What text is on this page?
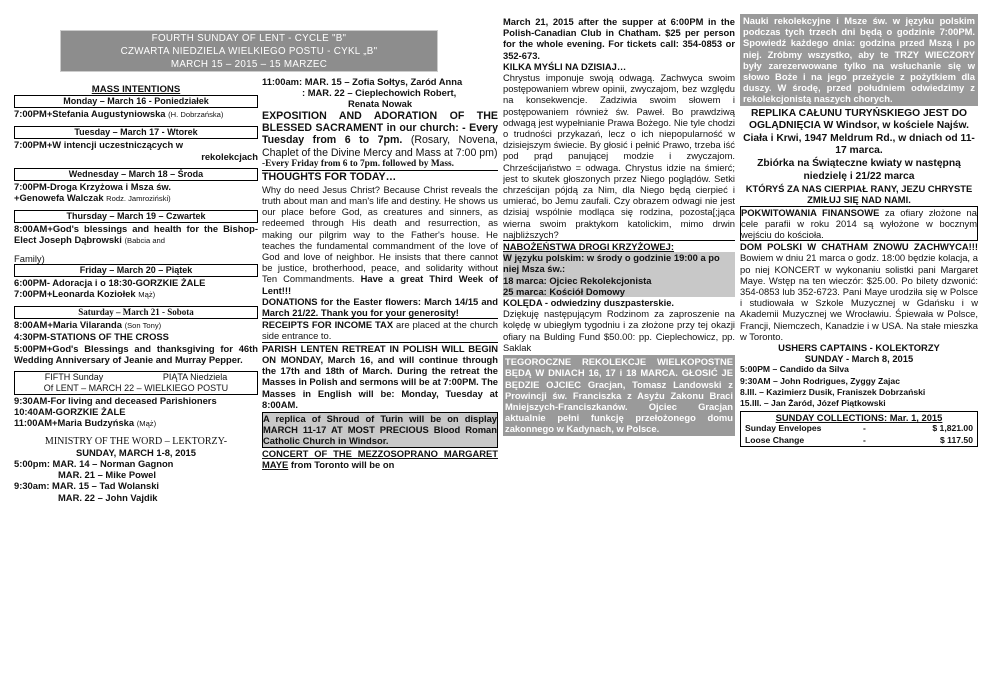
FOURTH SUNDAY OF LENT - CYCLE "B"
CZWARTA NIEDZIELA WIELKIEGO POSTU - CYKL „B"
MARCH 15 – 2015 – 15 MARZEC
MASS INTENTIONS
Monday – March 16 - Poniedziałek
7:00PM+Stefania Augustyniowska (H. Dobrzańska)
Tuesday – March 17 - Wtorek
7:00PM+W intencji uczestniczących w
rekolekcjach
Wednesday – March 18 – Środa
7:00PM-Droga Krzyżowa i Msza św.
+Genowefa Walczak Rodz. Jamroziński)
Thursday – March 19 – Czwartek
8:00AM+God's blessings and health for the Bishop-Elect Joseph Dąbrowski (Babcia and
Family)
Friday – March 20 – Piątek
6:00PM- Adoracja i o 18:30-GORZKIE ŻALE
7:00PM+Leonarda Koziołek Mąż)
Saturday – March 21 - Sobota
8:00AM+Maria Vilaranda (Son Tony)
4:30PM-STATIONS OF THE CROSS
5:00PM+God's Blessings and thanksgiving for 46th Wedding Anniversary of Jeanie and Murray Pepper.
FIFTH Sunday	PIĄTA Niedziela
Of LENT – MARCH 22 – WIELKIEGO POSTU
9:30AM-For living and deceased Parishioners
10:40AM-GORZKIE ŻALE
11:00AM+Maria Budzyńska (Mąż)
MINISTRY OF THE WORD – LEKTORZY-
SUNDAY, MARCH 1-8, 2015
5:00pm: MAR. 14 – Norman Gagnon
MAR. 21 – Mike Powel
9:30am: MAR. 15 – Tad Wolanski
MAR. 22 – John Vajdik
11:00am: MAR. 15 – Zofia Sołtys, Zaród Anna
: MAR. 22 – Cieplechowich Robert,
Renata Nowak
EXPOSITION AND ADORATION OF THE BLESSED SACRAMENT in our church: - Every Tuesday from 6 to 7pm. (Rosary, Novena, Chaplet of the Divine Mercy and Mass at 7:00 pm)
-Every Friday from 6 to 7pm. followed by Mass.
THOUGHTS FOR TODAY…
Why do need Jesus Christ? Because Christ reveals the truth about man and man's life and destiny. He shows us our place before God, as creatures and sinners, as redeemed through His death and resurrection, as making our pilgrim way to the Father's house. He teaches the fundamental commandment of the love of God and love of neighbor. He insists that there cannot be justice, brotherhood, peace, and solidarity without Ten Commandments. Have a great Third Week of Lent!!!
DONATIONS for the Easter flowers: March 14/15 and March 21/22. Thank you for your generosity!
RECEIPTS FOR INCOME TAX are placed at the church side entrance to.
PARISH LENTEN RETREAT IN POLISH WILL BEGIN ON MONDAY, March 16, and will continue through the 17th and 18th of March. During the retreat the Masses in Polish and sermons will be at 7:00PM. The Masses in English will be: Monday, Tuesday at 8:00AM.
A replica of Shroud of Turin will be on display MARCH 11-17 AT MOST PRECIOUS Blood Roman Catholic Church in Windsor.
CONCERT OF THE MEZZOSOPRANO MARGARET MAYE from Toronto will be on
March 21, 2015 after the supper at 6:00PM in the Polish-Canadian Club in Chatham. $25 per person for the whole evening. For tickets call: 354-0853 or 352-673.
KILKA MYŚLI NA DZISIAJ…
Chrystus imponuje swoją odwagą. Zachwyca swoim postępowaniem wbrew opinii, zwyczajom, bez względu na konsekwencje. Zadziwia swoim słowem i postępowaniem również św. Paweł. Bo prawdziwą odwagą jest wypełnianie Prawa Bożego. Nie tyle chodzi o trudności przykazań, lecz o ich niepopularność w dzisiejszym świecie. By głosić i pełnić Prawo, trzeba iść pod prąd panującej modzie i zwyczajom. Chrześcijaństwo = odwaga. Chrystus idzie na śmierć; jest to skutek głoszonych przez Niego poglądów. Setki chrześcijan pójdą za Nim, dla Niego będą cierpieć i umierać, bo Jemu zaufali. Czy obrazem odwagi nie jest dzisiaj wspólnie modląca się rodzina, pozosta[;jąca wierna swoim praktykom katolickim, mimo drwin najbliższych?
NABOŻEŃSTWA DROGI KRZYŻOWEJ:
W języku polskim: w środy o godzinie 19:00 a po niej Msza św.:
18 marca: Ojciec Rekolekcjonista
25 marca: Kościół Domowy
KOLĘDA - odwiedziny duszpasterskie.
Dziękuję następującym Rodzinom za zaproszenie na kolędę w ubiegłym tygodniu i za złożone przy tej okazji ofiary na Bulding Fund $50.00: pp. Cieplechowicz, pp. Saklak
TEGOROCZNE REKOLEKCJE WIELKOPOSTNE BĘDĄ W DNIACH 16, 17 i 18 MARCA. GŁOSIĆ JE BĘDZIE OJCIEC Gracjan, Tomasz Landowski z Prowincji św. Franciszka z Asyżu Zakonu Braci Mniejszych-Franciszkanów. Ojciec Gracjan aktualnie pełni funkcję przełożonego domu zakonnego w Kadynach, w Polsce.
Nauki rekolekcyjne i Msze św. w języku polskim podczas tych trzech dni będą o godzinie 7:00PM. Spowiedź każdego dnia: godzina przed Mszą i po niej. Zróbmy wszystko, aby te TRZY WIECZORY były zarezerwowane tylko na wsłuchanie się w słowo Boże i na jego przeżycie z pożytkiem dla duszy. W środę, przed południem odwiedzimy z rekolekcjonistą naszych chorych.
REPLIKA CAŁUNU TURYŃSKIEGO JEST DO OGLĄDNIĘCIA W Windsor, w kościele Najśw. Ciała i Krwi, 1947 Meldrum Rd., w dniach od 11-17 marca.
Zbiórka na Świąteczne kwiaty w następną niedzielę i 21/22 marca
KTÓRYŚ ZA NAS CIERPIAŁ RANY, JEZU CHRYSTE ZMIŁUJ SIĘ NAD NAMI.
POKWITOWANIA FINANSOWE za ofiary złożone na cele parafii w roku 2014 są wyłożone w bocznym wejściu do kościoła.
DOM POLSKI W CHATHAM ZNOWU ZACHWYCA!!! Bowiem w dniu 21 marca o godz. 18:00 będzie kolacja, a po niej KONCERT w wykonaniu solistki pani Margaret Maye. Wstęp na ten wieczór: $25.00. Po bilety dzwonić: 354-0853 lub 352-6723. Pani Maye urodziła się w Polsce i studiowała w Szkole Muzycznej w Gdańsku i w Akademii Muzycznej we Wrocławiu. Śpiewała w Polsce, Francji, Niemczech, Kanadzie i w USA. Na stałe mieszka w Toronto.
USHERS CAPTAINS - KOLEKTORZY
SUNDAY - March 8, 2015
5:00PM – Candido da Silva
9:30AM – John Rodrigues, Zyggy Zajac
8.III. – Kazimierz Dusik, Franiszek Dobrzański
15.III. – Jan Żaród, Józef Piątkowski
SUNDAY COLLECTIONS: Mar. 1, 2015
Sunday Envelopes	-	$ 1,821.00
Loose Change	-	$ 117.50
